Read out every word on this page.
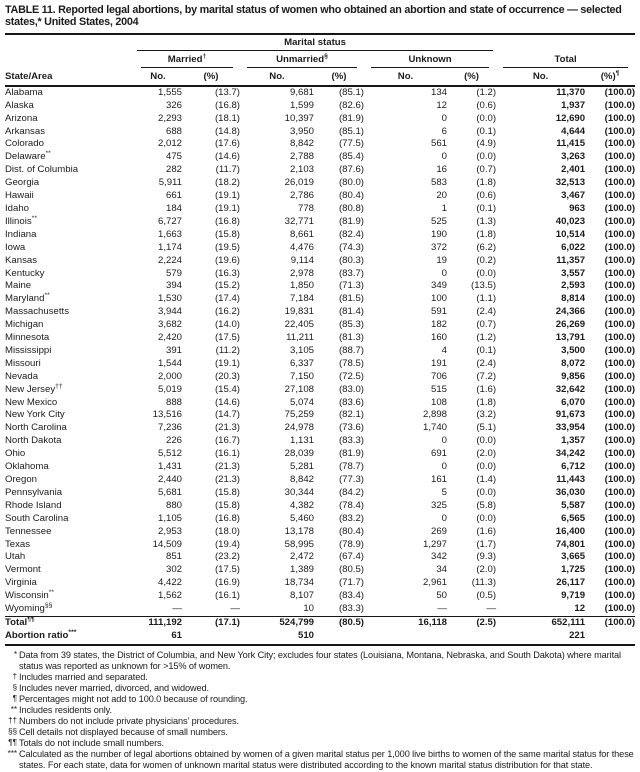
TABLE 11. Reported legal abortions, by marital status of women who obtained an abortion and state of occurrence — selected states,* United States, 2004

	Marital status							

	Married†		Unmarried§		Unknown		Total	

State/Area	No.	(%)	No.	(%)	No.	(%)	No.	(%)¶
Alabama	1,555	(13.7)	9,681	(85.1)	134	(1.2)	11,370	(100.0)
Alaska	326	(16.8)	1,599	(82.6)	12	(0.6)	1,937	(100.0)
Arizona	2,293	(18.1)	10,397	(81.9)	0	(0.0)	12,690	(100.0)
Arkansas	688	(14.8)	3,950	(85.1)	6	(0.1)	4,644	(100.0)
Colorado	2,012	(17.6)	8,842	(77.5)	561	(4.9)	11,415	(100.0)
Delaware**	475	(14.6)	2,788	(85.4)	0	(0.0)	3,263	(100.0)
Dist. of Columbia	282	(11.7)	2,103	(87.6)	16	(0.7)	2,401	(100.0)
Georgia	5,911	(18.2)	26,019	(80.0)	583	(1.8)	32,513	(100.0)
Hawaii	661	(19.1)	2,786	(80.4)	20	(0.6)	3,467	(100.0)
Idaho	184	(19.1)	778	(80.8)	1	(0.1)	963	(100.0)
Illinois**	6,727	(16.8)	32,771	(81.9)	525	(1.3)	40,023	(100.0)
Indiana	1,663	(15.8)	8,661	(82.4)	190	(1.8)	10,514	(100.0)
Iowa	1,174	(19.5)	4,476	(74.3)	372	(6.2)	6,022	(100.0)
Kansas	2,224	(19.6)	9,114	(80.3)	19	(0.2)	11,357	(100.0)
Kentucky	579	(16.3)	2,978	(83.7)	0	(0.0)	3,557	(100.0)
Maine	394	(15.2)	1,850	(71.3)	349	(13.5)	2,593	(100.0)
Maryland**	1,530	(17.4)	7,184	(81.5)	100	(1.1)	8,814	(100.0)
Massachusetts	3,944	(16.2)	19,831	(81.4)	591	(2.4)	24,366	(100.0)
Michigan	3,682	(14.0)	22,405	(85.3)	182	(0.7)	26,269	(100.0)
Minnesota	2,420	(17.5)	11,211	(81.3)	160	(1.2)	13,791	(100.0)
Mississippi	391	(11.2)	3,105	(88.7)	4	(0.1)	3,500	(100.0)
Missouri	1,544	(19.1)	6,337	(78.5)	191	(2.4)	8,072	(100.0)
Nevada	2,000	(20.3)	7,150	(72.5)	706	(7.2)	9,856	(100.0)
New Jersey††	5,019	(15.4)	27,108	(83.0)	515	(1.6)	32,642	(100.0)
New Mexico	888	(14.6)	5,074	(83.6)	108	(1.8)	6,070	(100.0)
New York City	13,516	(14.7)	75,259	(82.1)	2,898	(3.2)	91,673	(100.0)
North Carolina	7,236	(21.3)	24,978	(73.6)	1,740	(5.1)	33,954	(100.0)
North Dakota	226	(16.7)	1,131	(83.3)	0	(0.0)	1,357	(100.0)
Ohio	5,512	(16.1)	28,039	(81.9)	691	(2.0)	34,242	(100.0)
Oklahoma	1,431	(21.3)	5,281	(78.7)	0	(0.0)	6,712	(100.0)
Oregon	2,440	(21.3)	8,842	(77.3)	161	(1.4)	11,443	(100.0)
Pennsylvania	5,681	(15.8)	30,344	(84.2)	5	(0.0)	36,030	(100.0)
Rhode Island	880	(15.8)	4,382	(78.4)	325	(5.8)	5,587	(100.0)
South Carolina	1,105	(16.8)	5,460	(83.2)	0	(0.0)	6,565	(100.0)
Tennessee	2,953	(18.0)	13,178	(80.4)	269	(1.6)	16,400	(100.0)
Texas	14,509	(19.4)	58,995	(78.9)	1,297	(1.7)	74,801	(100.0)
Utah	851	(23.2)	2,472	(67.4)	342	(9.3)	3,665	(100.0)
Vermont	302	(17.5)	1,389	(80.5)	34	(2.0)	1,725	(100.0)
Virginia	4,422	(16.9)	18,734	(71.7)	2,961	(11.3)	26,117	(100.0)
Wisconsin**	1,562	(16.1)	8,107	(83.4)	50	(0.5)	9,719	(100.0)
Wyoming§§	—	—	10	(83.3)	—	—	12	(100.0)
Total¶¶	111,192	(17.1)	524,799	(80.5)	16,118	(2.5)	652,111	(100.0)
Abortion ratio***	61		510				221	
* Data from 39 states, the District of Columbia, and New York City; excludes four states (Louisiana, Montana, Nebraska, and South Dakota) where marital status was reported as unknown for >15% of women.
† Includes married and separated.
§ Includes never married, divorced, and widowed.
¶ Percentages might not add to 100.0 because of rounding.
** Includes residents only.
†† Numbers do not include private physicians’ procedures.
§§ Cell details not displayed because of small numbers.
¶¶ Totals do not include small numbers.
*** Calculated as the number of legal abortions obtained by women of a given marital status per 1,000 live births to women of the same marital status for these states. For each state, data for women of unknown marital status were distributed according to the known marital status distribution for that state.
